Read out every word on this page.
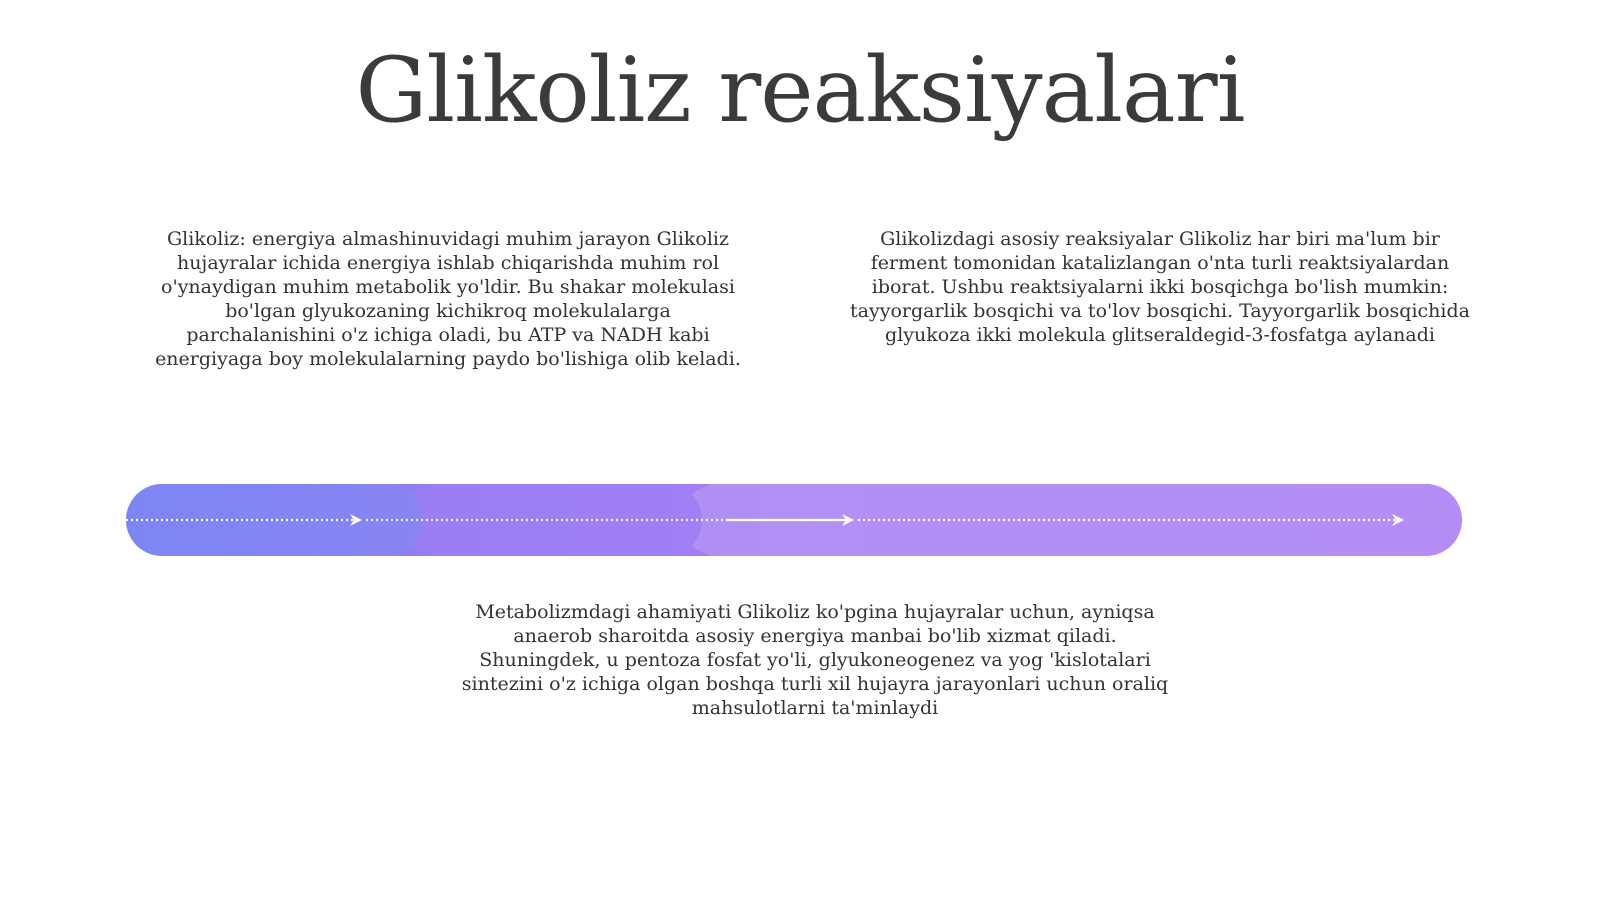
Glikoliz reaksiyalari

Glikoliz: energiya almashinuvidagi muhim jarayon Glikoliz hujayralar ichida energiya ishlab chiqarishda muhim rol o'ynaydigan muhim metabolik yo'ldir. Bu shakar molekulasi bo'lgan glyukozaning kichikroq molekulalarga parchalanishini o'z ichiga oladi, bu ATP va NADH kabi energiyaga boy molekulalarning paydo bo'lishiga olib keladi.

Glikolizdagi asosiy reaksiyalar Glikoliz har biri ma'lum bir ferment tomonidan katalizlangan o'nta turli reaktsiyalardan iborat. Ushbu reaktsiyalarni ikki bosqichga bo'lish mumkin: tayyorgarlik bosqichi va to'lov bosqichi. Tayyorgarlik bosqichida glyukoza ikki molekula glitseraldegid-3-fosfatga aylanadi

Metabolizmdagi ahamiyati Glikoliz ko'pgina hujayralar uchun, ayniqsa anaerob sharoitda asosiy energiya manbai bo'lib xizmat qiladi. Shuningdek, u pentoza fosfat yo'li, glyukoneogenez va yog 'kislotalari sintezini o'z ichiga olgan boshqa turli xil hujayra jarayonlari uchun oraliq mahsulotlarni ta'minlaydi
